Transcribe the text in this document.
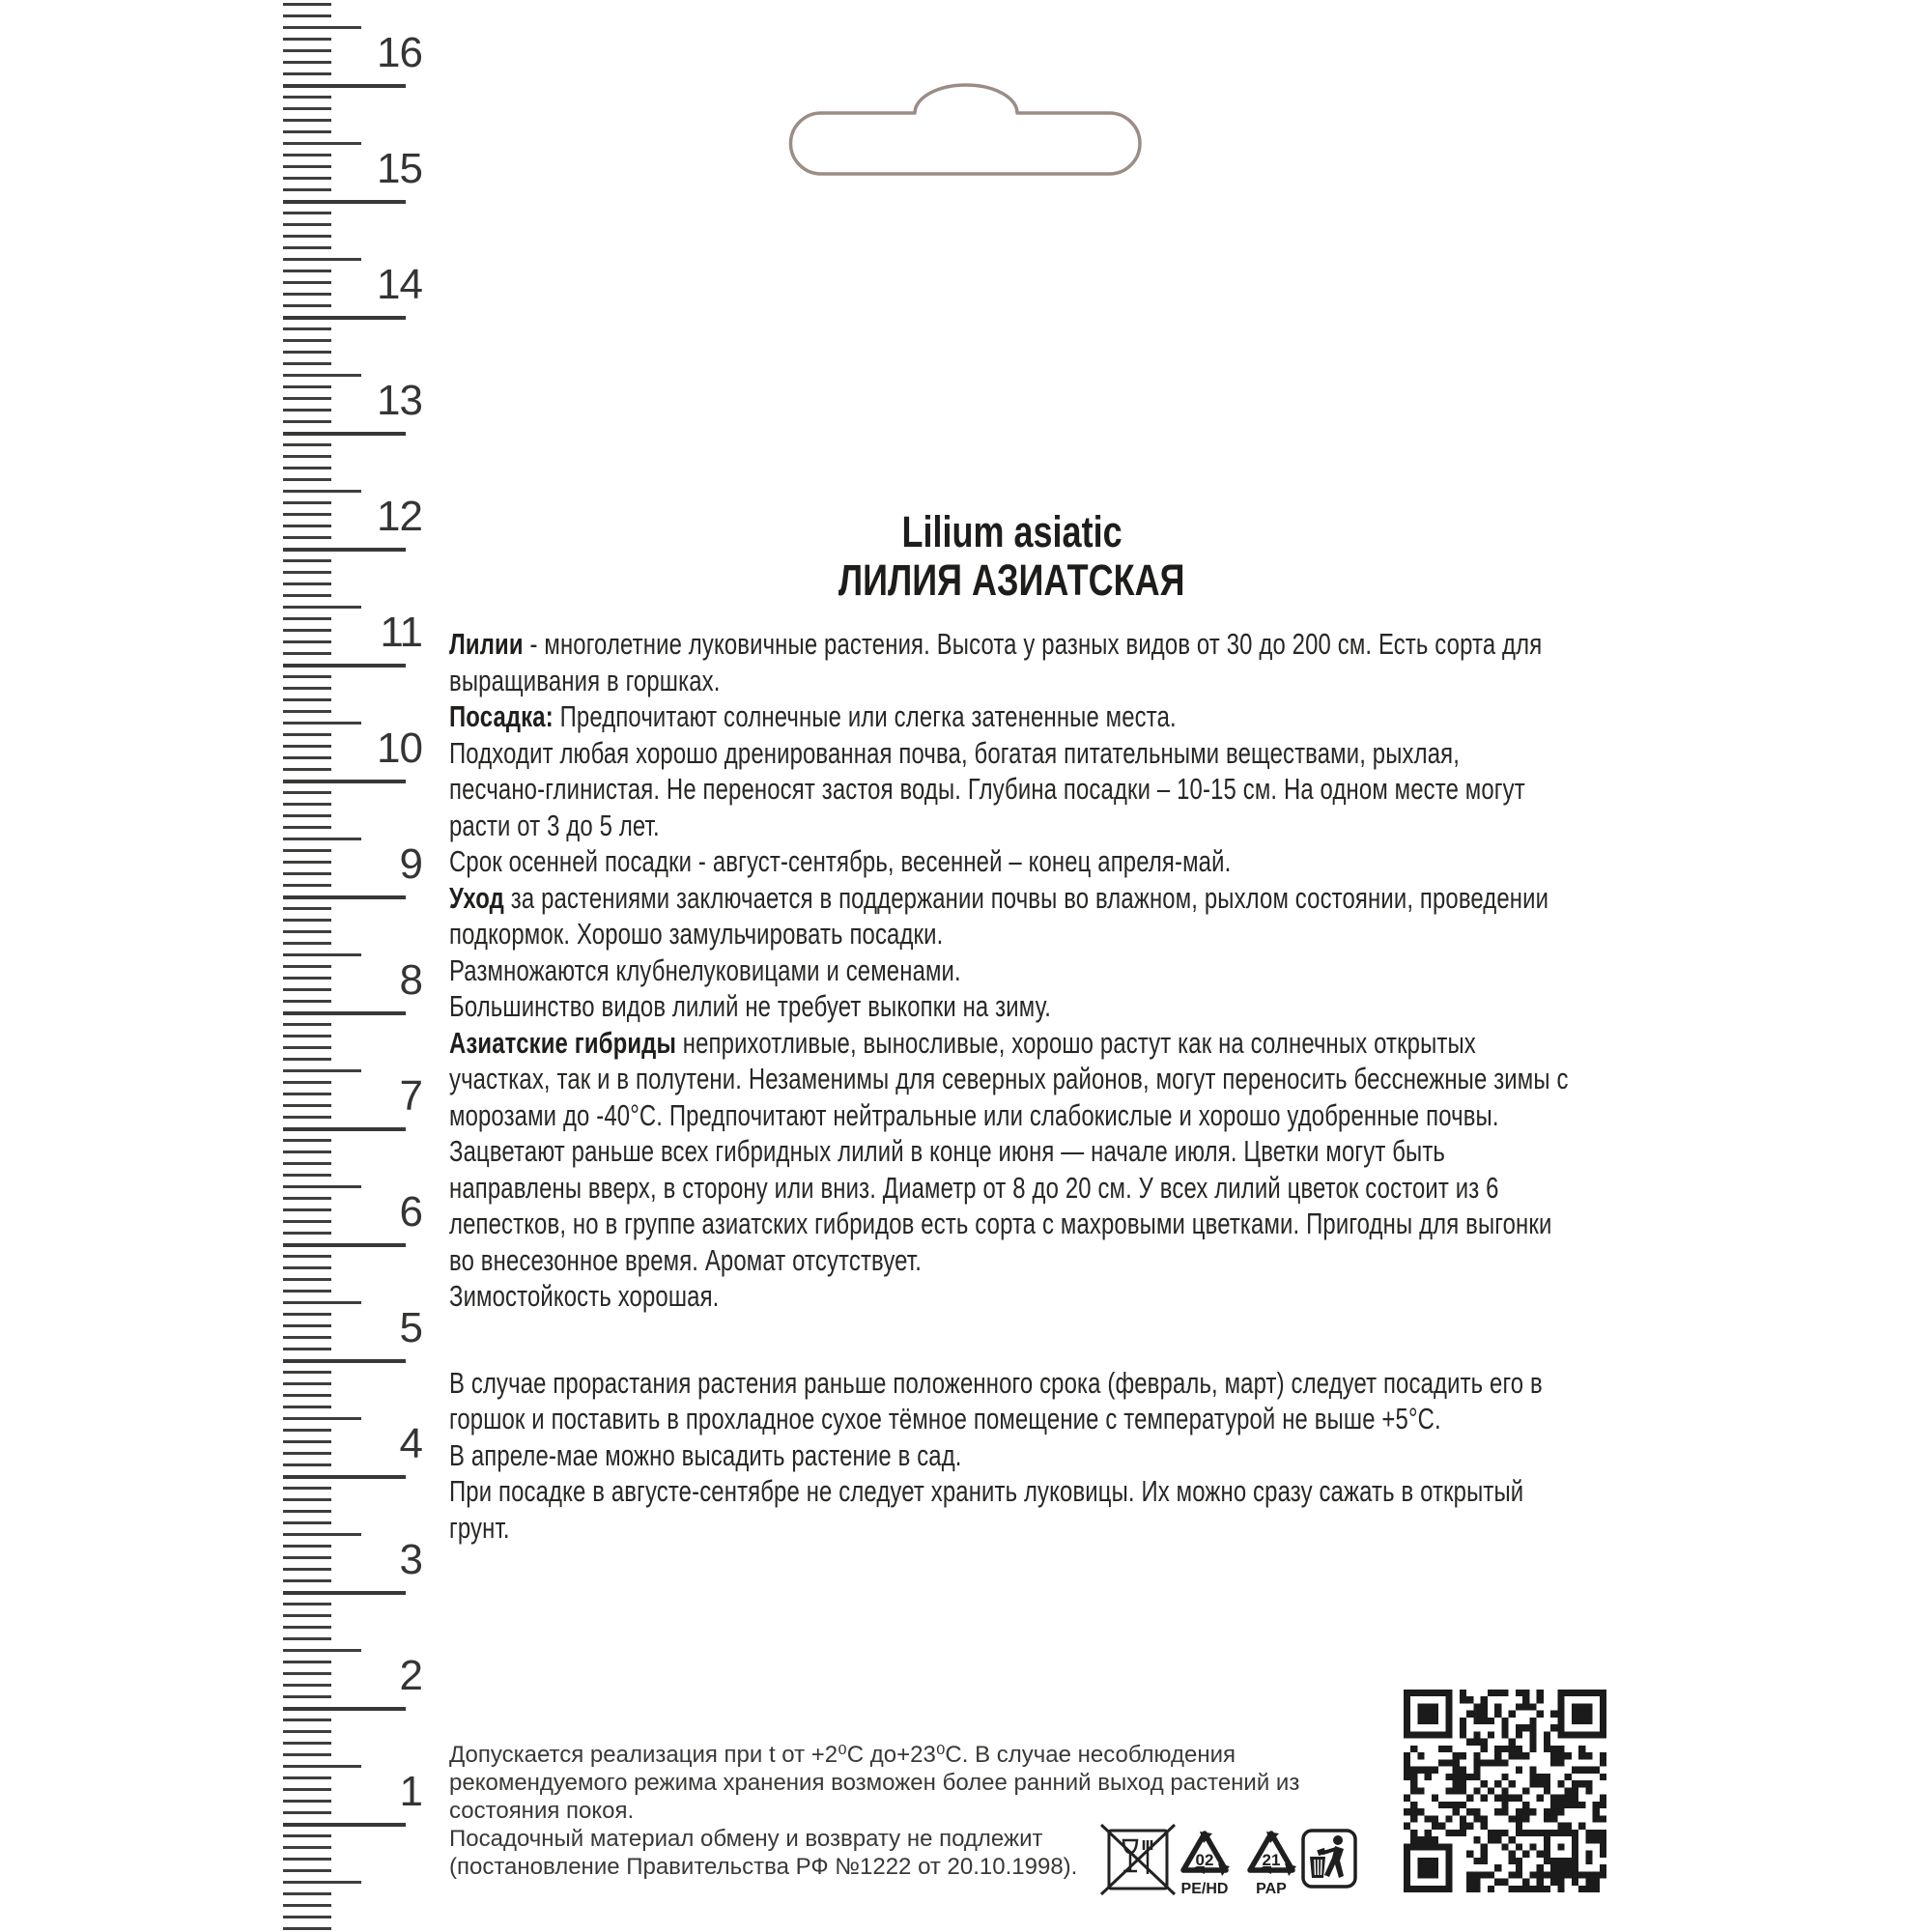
16
15
14
13
12
11
10
9
8
7
6
5
4
3
2
1
Lilium asiatic
ЛИЛИЯ АЗИАТСКАЯ
Лилии - многолетние луковичные растения. Высота у разных видов от 30 до 200 см. Есть сорта для
выращивания в горшках.
Посадка: Предпочитают солнечные или слегка затененные места.
Подходит любая хорошо дренированная почва, богатая питательными веществами, рыхлая,
песчано-глинистая. Не переносят застоя воды. Глубина посадки – 10-15 см. На одном месте могут
расти от 3 до 5 лет.
Срок осенней посадки - август-сентябрь, весенней – конец апреля-май.
Уход за растениями заключается в поддержании почвы во влажном, рыхлом состоянии, проведении
подкормок. Хорошо замульчировать посадки.
Размножаются клубнелуковицами и семенами.
Большинство видов лилий не требует выкопки на зиму.
Азиатские гибриды неприхотливые, выносливые, хорошо растут как на солнечных открытых
участках, так и в полутени. Незаменимы для северных районов, могут переносить бесснежные зимы с
морозами до -40°С. Предпочитают нейтральные или слабокислые и хорошо удобренные почвы.
Зацветают раньше всех гибридных лилий в конце июня — начале июля. Цветки могут быть
направлены вверх, в сторону или вниз. Диаметр от 8 до 20 см. У всех лилий цветок состоит из 6
лепестков, но в группе азиатских гибридов есть сорта с махровыми цветками. Пригодны для выгонки
во внесезонное время. Аромат отсутствует.
Зимостойкость хорошая.
В случае прорастания растения раньше положенного срока (февраль, март) следует посадить его в
горшок и поставить в прохладное сухое тёмное помещение с температурой не выше +5°С.
В апреле-мае можно высадить растение в сад.
При посадке в августе-сентябре не следует хранить луковицы. Их можно сразу сажать в открытый
грунт.
Допускается реализация при t от +2⁰С до+23⁰С. В случае несоблюдения
рекомендуемого режима хранения возможен более ранний выход растений из
состояния покоя.
Посадочный материал обмену и возврату не подлежит
(постановление Правительства РФ №1222 от 20.10.1998).	02
PE/HD
21
PAP
